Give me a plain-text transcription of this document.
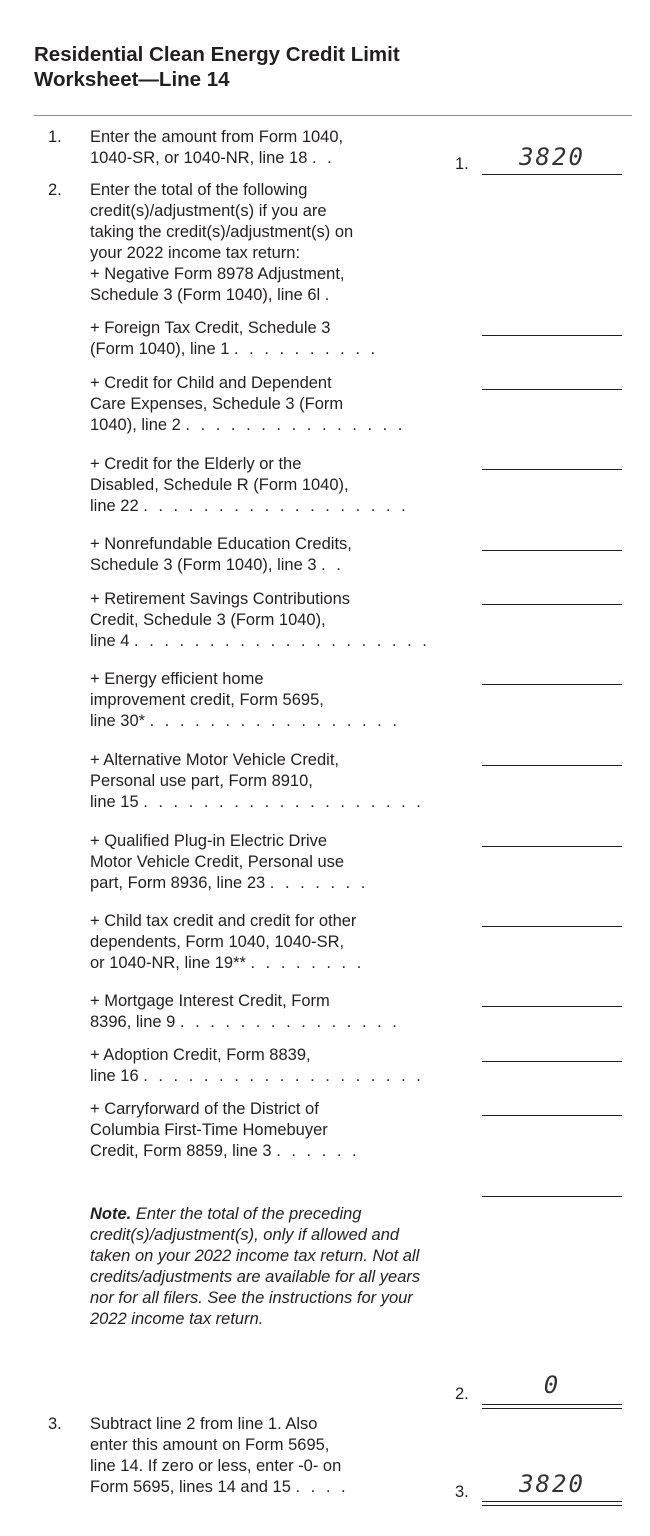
Residential Clean Energy Credit Limit
Worksheet—Line 14
1. Enter the amount from Form 1040,
1040-SR, or 1040-NR, line 18 . .	1.	3820
2. Enter the total of the following
credit(s)/adjustment(s) if you are
taking the credit(s)/adjustment(s) on
your 2022 income tax return:
+ Negative Form 8978 Adjustment,
Schedule 3 (Form 1040), line 6l .
+ Foreign Tax Credit, Schedule 3
(Form 1040), line 1 . . . . . . . . . .
+ Credit for Child and Dependent
Care Expenses, Schedule 3 (Form
1040), line 2 . . . . . . . . . . . . . . .
+ Credit for the Elderly or the
Disabled, Schedule R (Form 1040),
line 22 . . . . . . . . . . . . . . . . . .
+ Nonrefundable Education Credits,
Schedule 3 (Form 1040), line 3 . .
+ Retirement Savings Contributions
Credit, Schedule 3 (Form 1040),
line 4 . . . . . . . . . . . . . . . . . . . .
+ Energy efficient home
improvement credit, Form 5695,
line 30* . . . . . . . . . . . . . . . . .
+ Alternative Motor Vehicle Credit,
Personal use part, Form 8910,
line 15 . . . . . . . . . . . . . . . . . . .
+ Qualified Plug-in Electric Drive
Motor Vehicle Credit, Personal use
part, Form 8936, line 23 . . . . . . .
+ Child tax credit and credit for other
dependents, Form 1040, 1040-SR,
or 1040-NR, line 19** . . . . . . . .
+ Mortgage Interest Credit, Form
8396, line 9 . . . . . . . . . . . . . . .
+ Adoption Credit, Form 8839,
line 16 . . . . . . . . . . . . . . . . . . .
+ Carryforward of the District of
Columbia First-Time Homebuyer
Credit, Form 8859, line 3 . . . . . .
Note. Enter the total of the preceding credit(s)/adjustment(s), only if allowed and taken on your 2022 income tax return. Not all credits/adjustments are available for all years nor for all filers. See the instructions for your 2022 income tax return.
2.	0
3. Subtract line 2 from line 1. Also
enter this amount on Form 5695,
line 14. If zero or less, enter -0- on
Form 5695, lines 14 and 15 . . . .	3.	3820
